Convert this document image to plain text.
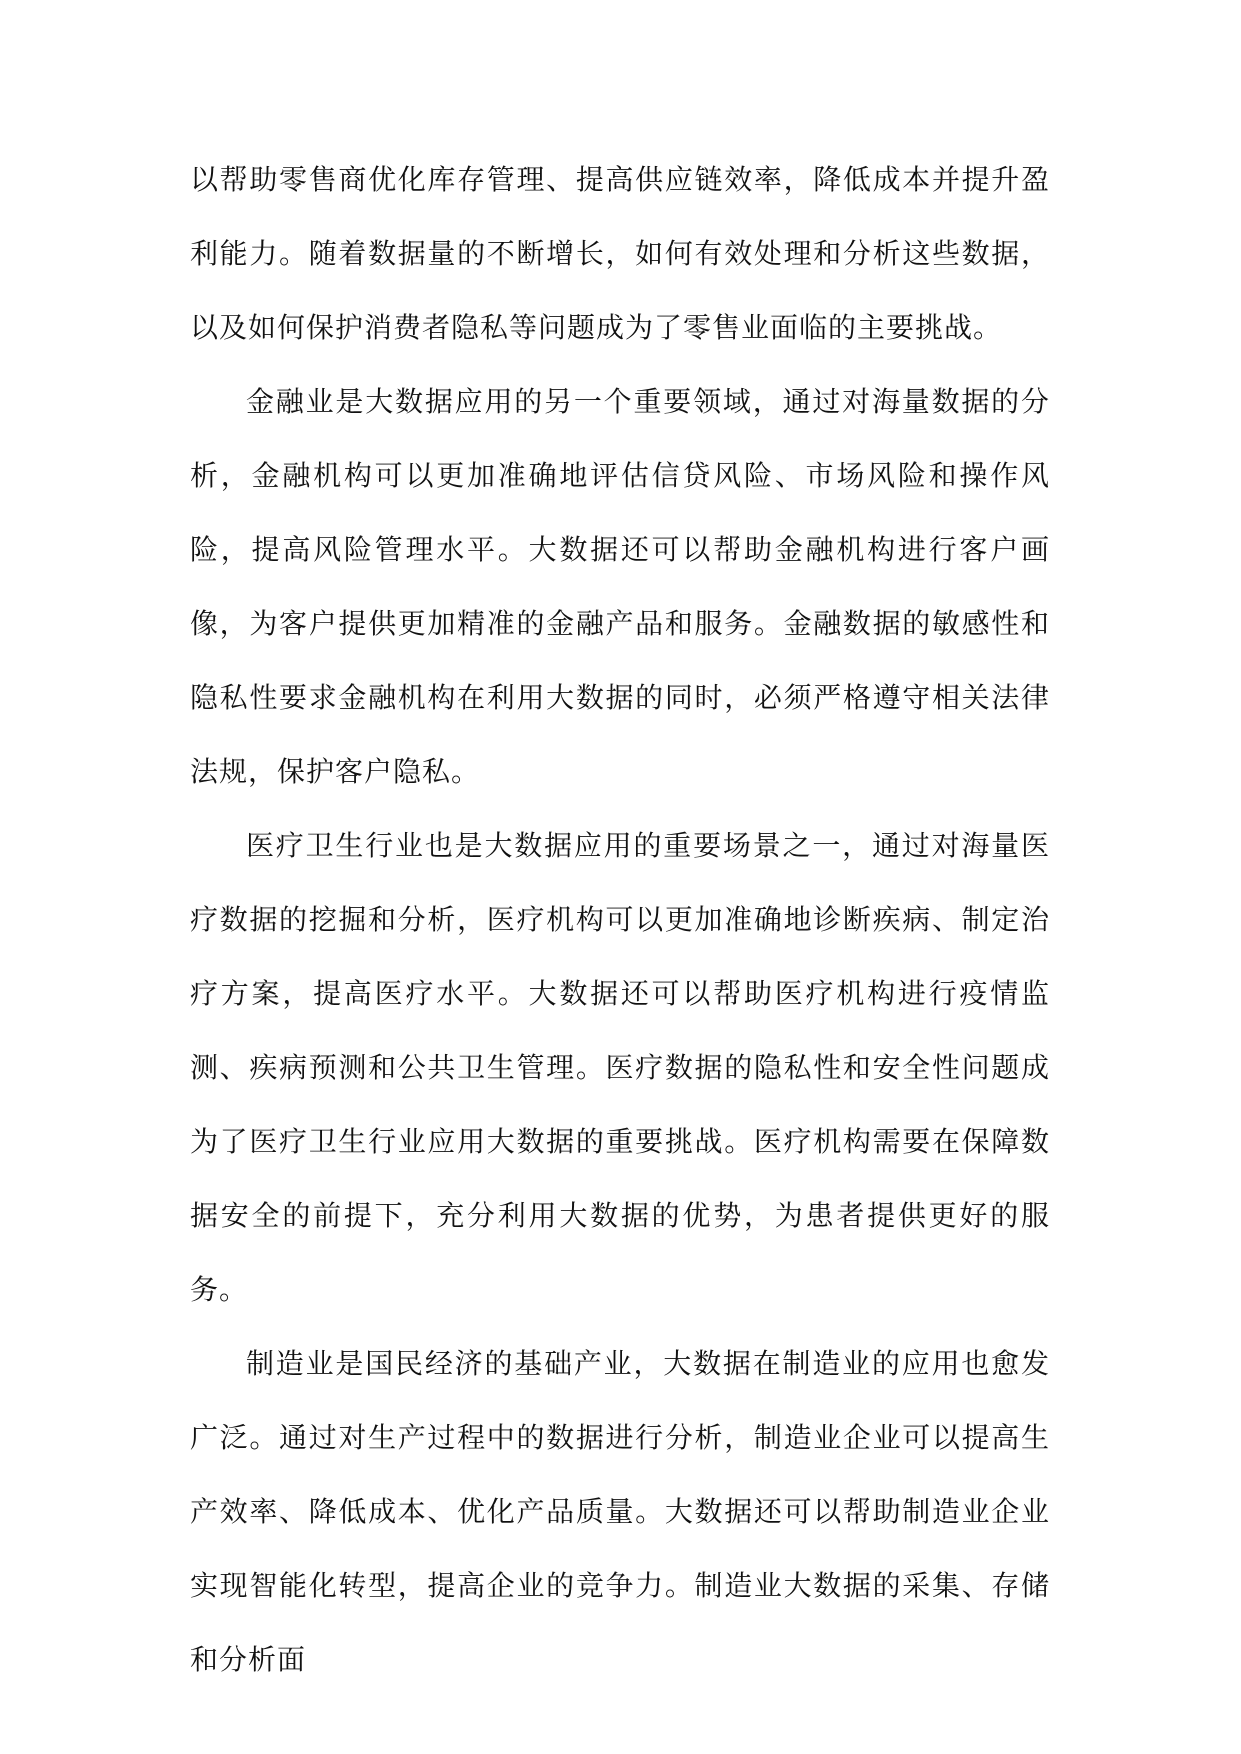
以帮助零售商优化库存管理、提高供应链效率，降低成本并提升盈利能力。随着数据量的不断增长，如何有效处理和分析这些数据，以及如何保护消费者隐私等问题成为了零售业面临的主要挑战。

金融业是大数据应用的另一个重要领域，通过对海量数据的分析，金融机构可以更加准确地评估信贷风险、市场风险和操作风险，提高风险管理水平。大数据还可以帮助金融机构进行客户画像，为客户提供更加精准的金融产品和服务。金融数据的敏感性和隐私性要求金融机构在利用大数据的同时，必须严格遵守相关法律法规，保护客户隐私。

医疗卫生行业也是大数据应用的重要场景之一，通过对海量医疗数据的挖掘和分析，医疗机构可以更加准确地诊断疾病、制定治疗方案，提高医疗水平。大数据还可以帮助医疗机构进行疫情监测、疾病预测和公共卫生管理。医疗数据的隐私性和安全性问题成为了医疗卫生行业应用大数据的重要挑战。医疗机构需要在保障数据安全的前提下，充分利用大数据的优势，为患者提供更好的服务。

制造业是国民经济的基础产业，大数据在制造业的应用也愈发广泛。通过对生产过程中的数据进行分析，制造业企业可以提高生产效率、降低成本、优化产品质量。大数据还可以帮助制造业企业实现智能化转型，提高企业的竞争力。制造业大数据的采集、存储和分析面
